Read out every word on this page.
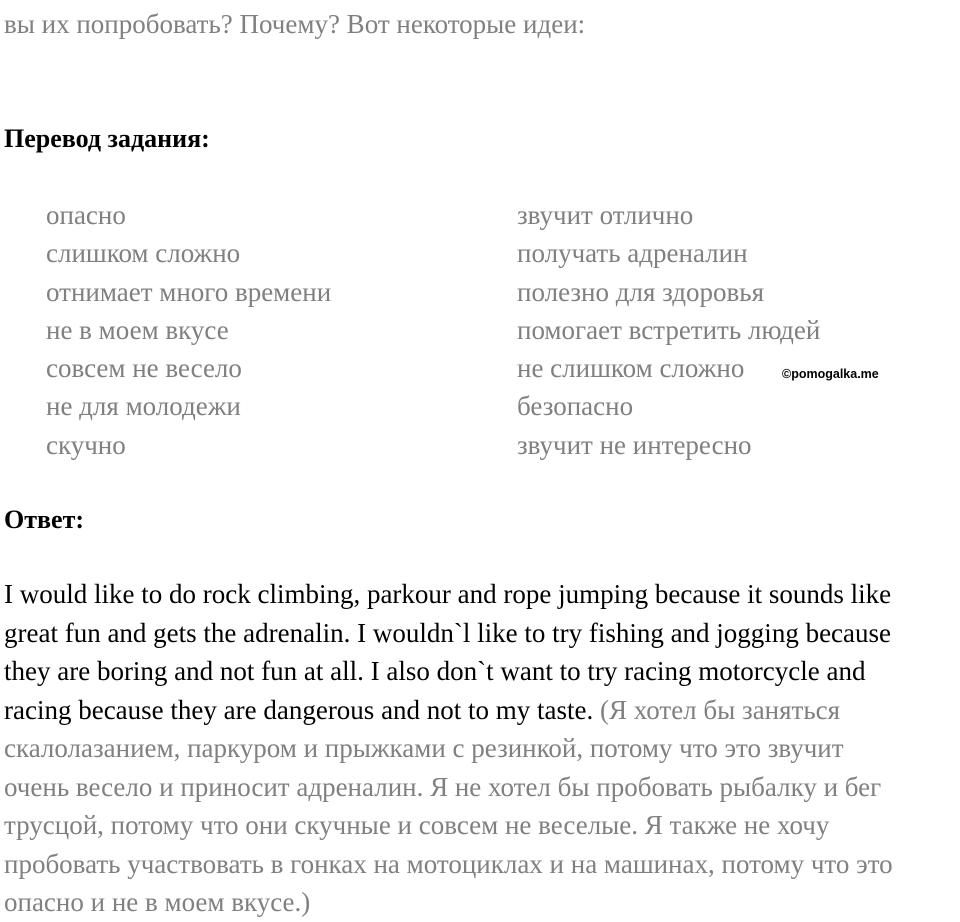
вы их попробовать? Почему? Вот некоторые идеи:
Перевод задания:
опасно
слишком сложно
отнимает много времени
не в моем вкусе
совсем не весело
не для молодежи
скучно
звучит отлично
получать адреналин
полезно для здоровья
помогает встретить людей
не слишком сложно
безопасно
звучит не интересно
©pomogalka.me
Ответ:

I would like to do rock climbing, parkour and rope jumping because it sounds like
great fun and gets the adrenalin. I wouldn`l like to try fishing and jogging because
they are boring and not fun at all. I also don`t want to try racing motorcycle and
racing because they are dangerous and not to my taste. (Я хотел бы заняться
скалолазанием, паркуром и прыжками с резинкой, потому что это звучит
очень весело и приносит адреналин. Я не хотел бы пробовать рыбалку и бег
трусцой, потому что они скучные и совсем не веселые. Я также не хочу
пробовать участвовать в гонках на мотоциклах и на машинах, потому что это
опасно и не в моем вкусе.)
